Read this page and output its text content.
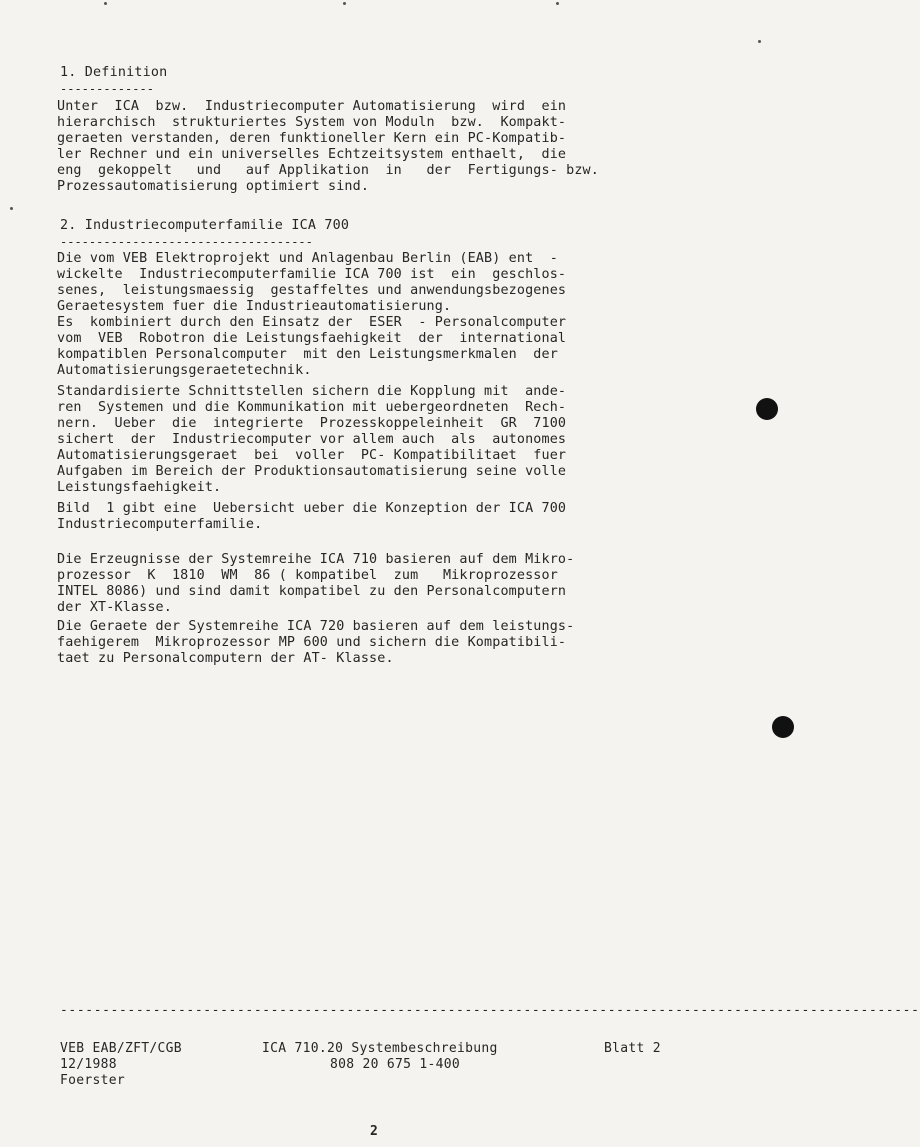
1. Definition
-------------
Unter  ICA  bzw.  Industriecomputer Automatisierung  wird  ein
hierarchisch  strukturiertes System von Moduln  bzw.  Kompakt-
geraeten verstanden, deren funktioneller Kern ein PC-Kompatib-
ler Rechner und ein universelles Echtzeitsystem enthaelt,  die
eng  gekoppelt   und   auf Applikation  in   der  Fertigungs- bzw.
Prozessautomatisierung optimiert sind.
2. Industriecomputerfamilie ICA 700
-----------------------------------
Die vom VEB Elektroprojekt und Anlagenbau Berlin (EAB) ent  -
wickelte  Industriecomputerfamilie ICA 700 ist  ein  geschlos-
senes,  leistungsmaessig  gestaffeltes und anwendungsbezogenes
Geraetesystem fuer die Industrieautomatisierung.
Es  kombiniert durch den Einsatz der  ESER  - Personalcomputer
vom  VEB  Robotron die Leistungsfaehigkeit  der  international
kompatiblen Personalcomputer  mit den Leistungsmerkmalen  der
Automatisierungsgeraetetechnik.
Standardisierte Schnittstellen sichern die Kopplung mit  ande-
ren  Systemen und die Kommunikation mit uebergeordneten  Rech-
nern.  Ueber  die  integrierte  Prozesskoppeleinheit  GR  7100
sichert  der  Industriecomputer vor allem auch  als  autonomes
Automatisierungsgeraet  bei  voller  PC- Kompatibilitaet  fuer
Aufgaben im Bereich der Produktionsautomatisierung seine volle
Leistungsfaehigkeit.
Bild  1 gibt eine  Uebersicht ueber die Konzeption der ICA 700
Industriecomputerfamilie.
Die Erzeugnisse der Systemreihe ICA 710 basieren auf dem Mikro-
prozessor  K  1810  WM  86 ( kompatibel  zum   Mikroprozessor
INTEL 8086) und sind damit kompatibel zu den Personalcomputern
der XT-Klasse.
Die Geraete der Systemreihe ICA 720 basieren auf dem leistungs-
faehigerem  Mikroprozessor MP 600 und sichern die Kompatibili-
taet zu Personalcomputern der AT- Klasse.
------------------------------------------------------------------------------------------------------
VEB EAB/ZFT/CGB
12/1988
Foerster
ICA 710.20 Systembeschreibung
808 20 675 1-400
Blatt 2
2
